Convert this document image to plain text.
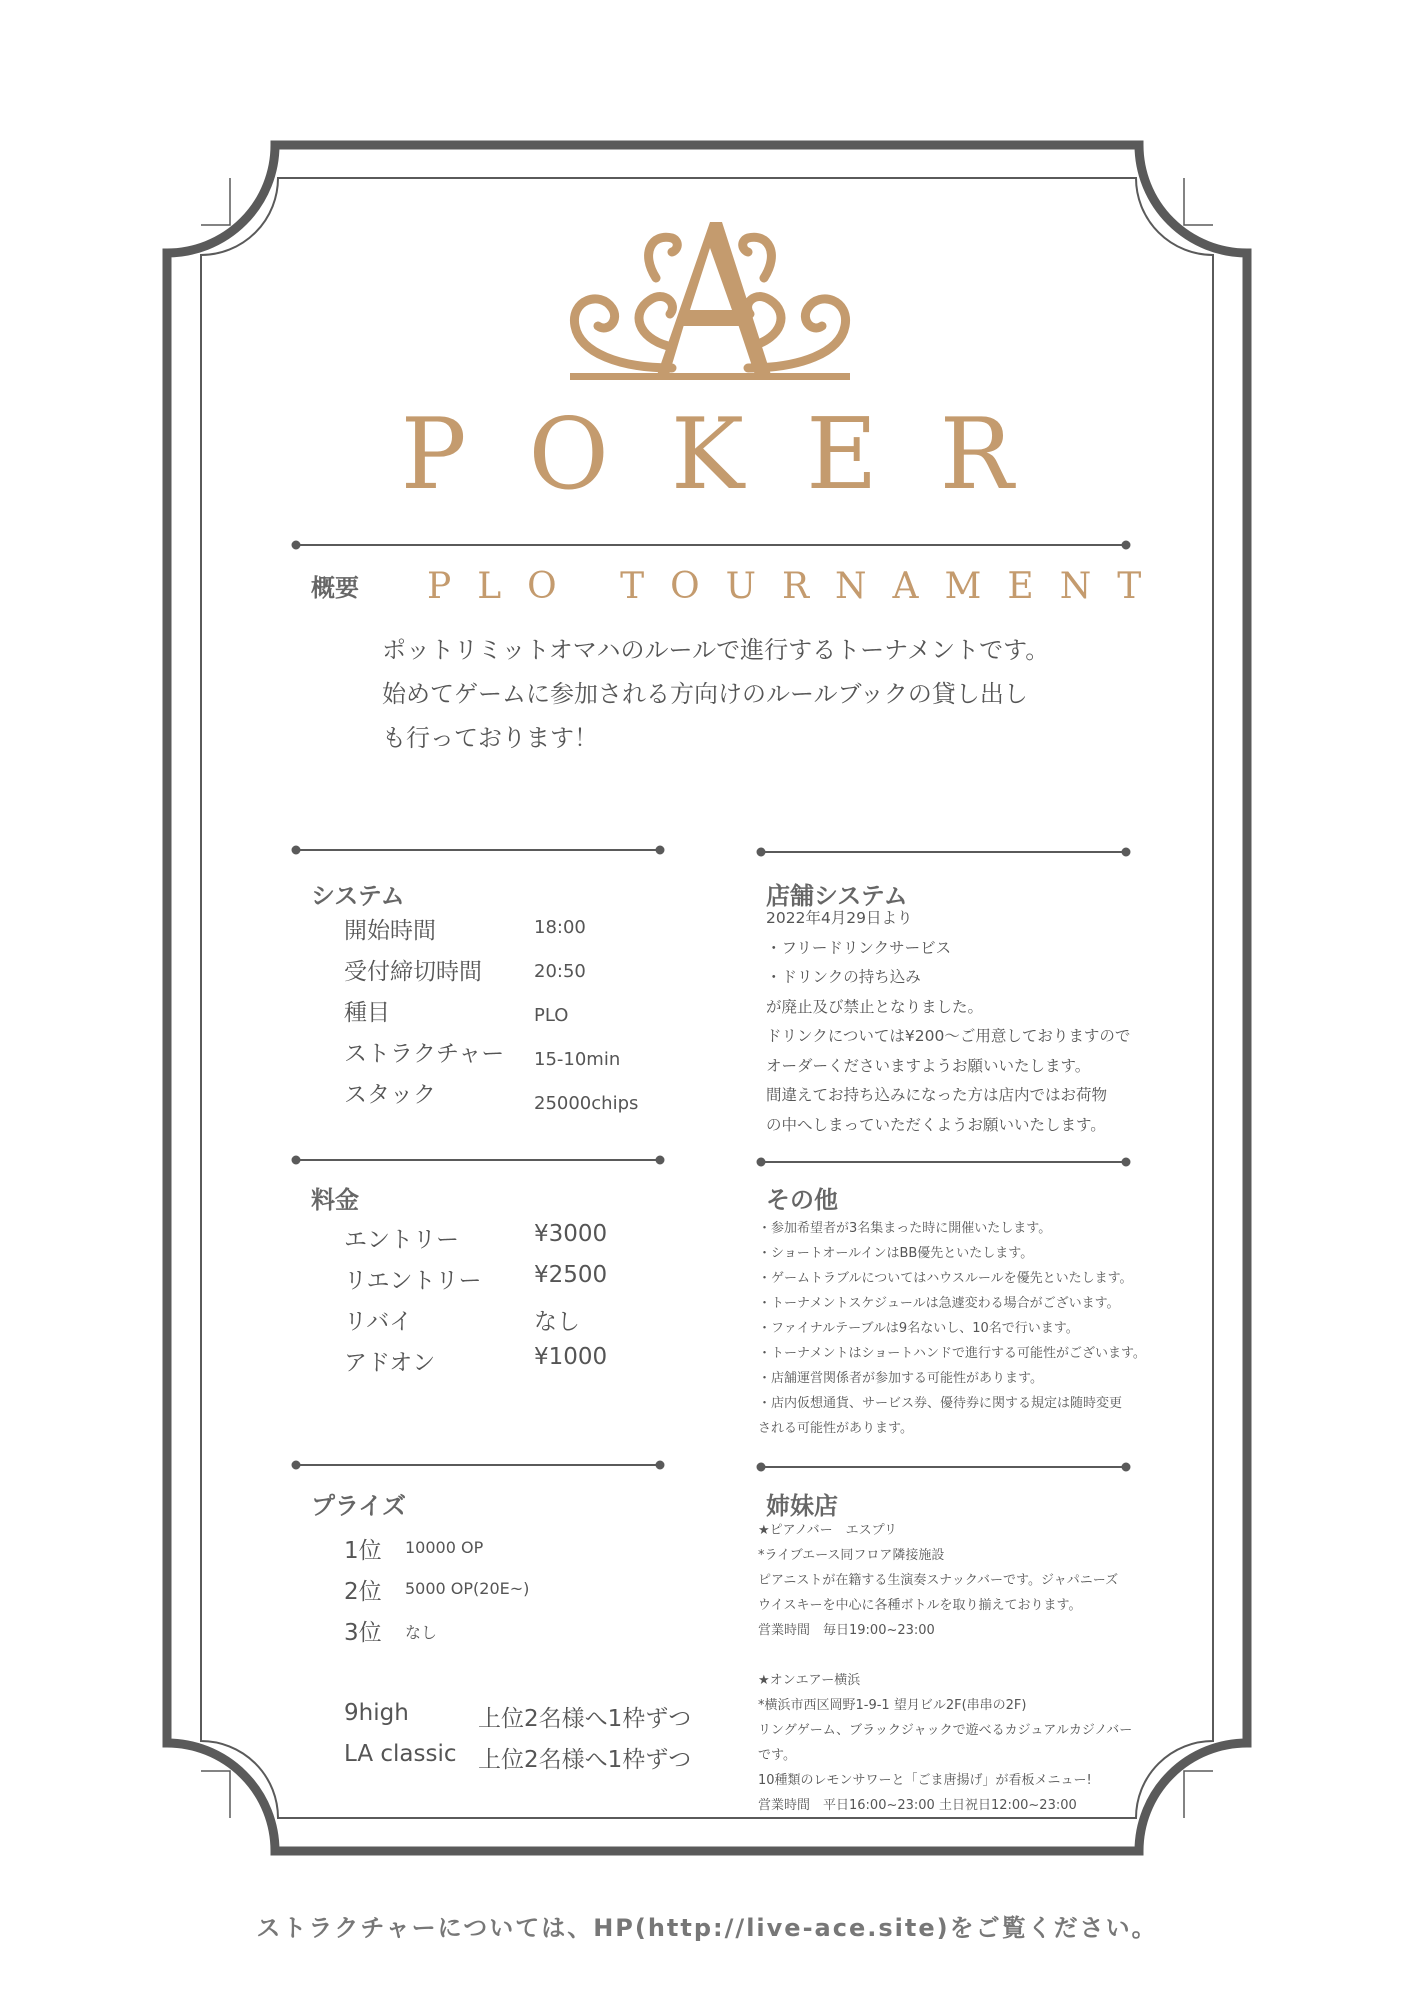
POKER
概要 PLO TOURNAMENT
ポットリミットオマハのルールで進行するトーナメントです。
始めてゲームに参加される方向けのルールブックの貸し出し
も行っております！
システム
開始時間	18:00
受付締切時間	20:50
種目	PLO
ストラクチャー 15-10min
スタック	25000chips
店舗システム
2022年4月29日より
・フリードリンクサービス
・ドリンクの持ち込み
が廃止及び禁止となりました。
ドリンクについては¥200〜ご用意しておりますので
オーダーくださいますようお願いいたします。
間違えてお持ち込みになった方は店内ではお荷物
の中へしまっていただくようお願いいたします。
料金
エントリー	¥3000
リエントリー ¥2500
リバイ	なし
アドオン	¥1000
その他
・参加希望者が3名集まった時に開催いたします。
・ショートオールインはBB優先といたします。
・ゲームトラブルについてはハウスルールを優先といたします。
・トーナメントスケジュールは急遽変わる場合がございます。
・ファイナルテーブルは9名ないし、10名で行います。
・トーナメントはショートハンドで進行する可能性がございます。
・店舗運営関係者が参加する可能性があります。
・店内仮想通貨、サービス券、優待券に関する規定は随時変更
される可能性があります。
プライズ
1位 10000 OP
2位 5000 OP(20E~)
3位 なし
9high	上位2名様へ1枠ずつ
LA classic 上位2名様へ1枠ずつ
姉妹店
★ピアノバー　エスプリ
*ライブエース同フロア隣接施設
ピアニストが在籍する生演奏スナックバーです。ジャパニーズ
ウイスキーを中心に各種ボトルを取り揃えております。
営業時間　毎日19:00~23:00
★オンエアー横浜
*横浜市西区岡野1-9-1 望月ビル2F(串串の2F)
リングゲーム、ブラックジャックで遊べるカジュアルカジノバー
です。
10種類のレモンサワーと「ごま唐揚げ」が看板メニュー!
営業時間　平日16:00~23:00 土日祝日12:00~23:00
ストラクチャーについては、HP(http://live-ace.site)をご覧ください。
